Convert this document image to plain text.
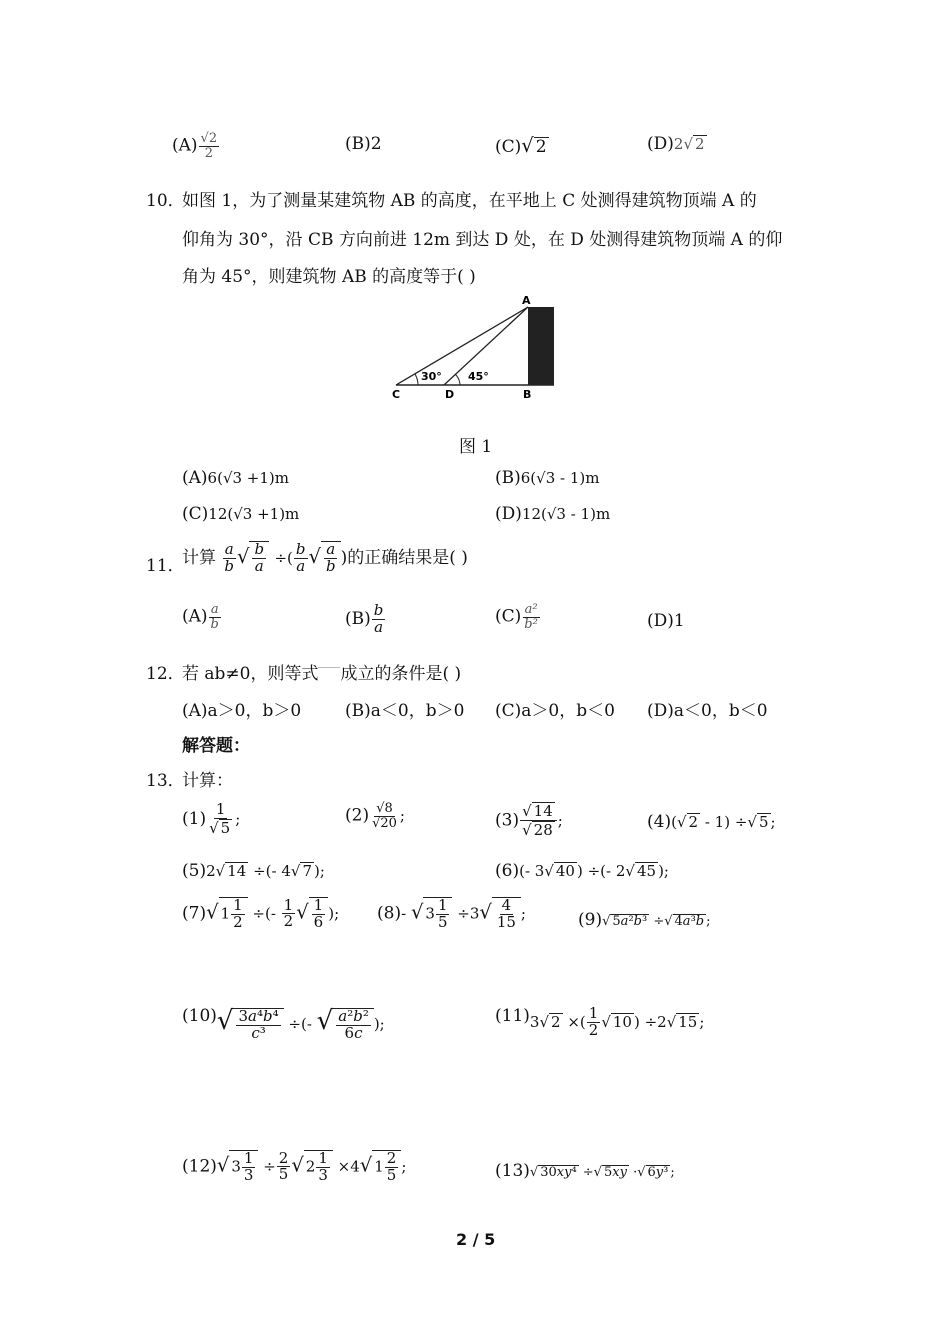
$(A) \frac{√2}{2}$	(B)2	(C)√ 2	(D)2√ 2
10．
如图 1，为了测量某建筑物 AB 的高度，在平地上 C 处测得建筑物顶端 A 的
仰角为 30°，沿 CB 方向前进 12m 到达 D 处，在 D 处测得建筑物顶端 A 的仰
角为 45°，则建筑物 AB 的高度等于( )
A
B
C	D
30° 45°
图 1
(A)6(√3 +1)m	(B)6(√3 - 1)m
(C)12(√3 +1)m	(D)12(√3 - 1)m
11．
计算 $\frac{a}{b}$ √ $\frac{b}{a}$ ÷( $\frac{b}{a}$ √ $\frac{a}{b}$ )的正确结果是( )
$(A) \frac{a}{b}$	$(B) \frac{b}{a}$	$(C) \frac{\text{a²}}{\text{b²}}$	(D)1
12．
若 ab≠0，则等式 成立的条件是( )
(A)a＞0，b＞0	(B)a＜0，b＞0 (C)a＞0，b＜0 (D)a＜0，b＜0
解答题：
13．
计算：
$(1) \frac{1}{√ 5}$ ;	$(2) \frac{√8}{√20}$ ;	$(3) \frac{√ 14}{√ 28}$ ;	(4)(√ 2 - 1) ÷√ 5 ;
(5)2√ 14 ÷(- 4√ 7 );	(6)(- 3√ 40 ) ÷(- 2√ 45 );
(7)√ $1 \frac{1}{2}$ ÷(- $\frac{1}{2}$ √ $\frac{1}{6}$ ); (8)- √ $3 \frac{1}{5} \div 3√ \frac{4}{15}$ ;	(9)√ 5a²b³ ÷√ 4a³b ;
$(10)√ \frac{\text{3a⁴b⁴}}{\text{c³}}$ ÷(- √ $\frac{\text{a²b²}}{6c}$ );	(11)3√ 2 ×( $\frac{1}{2}$ √ 10 ) ÷2√ 15 ;
(12)√ $3 \frac{1}{3} \div \frac{2}{5}$ √ $2 \frac{1}{3} \times 4√$ $1 \frac{2}{5}$ ;	(13)√ 30xy⁴ ÷√ 5xy ·√ 6y³ ;
2 / 5
